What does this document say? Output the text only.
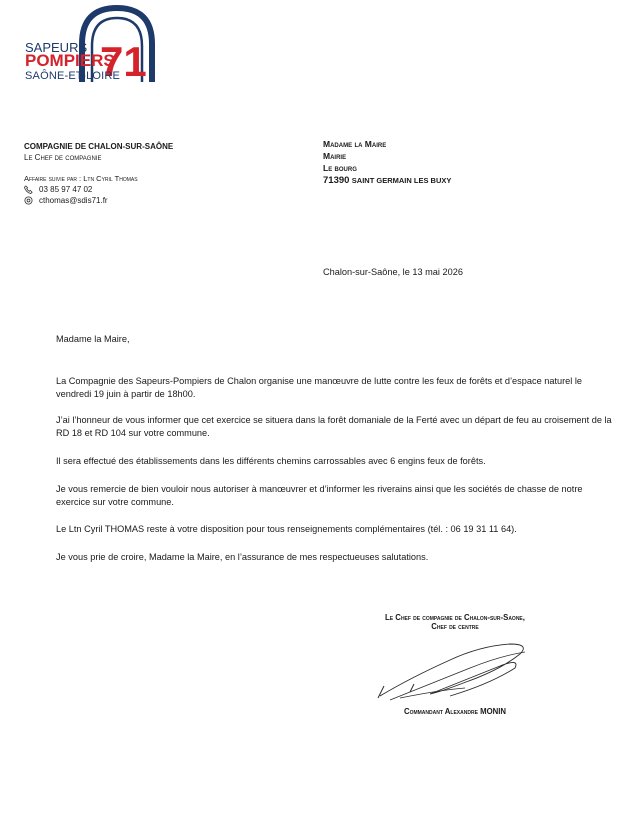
71
SAPEURS
POMPIERS
SAÔNE-ET-LOIRE
COMPAGNIE DE CHALON-SUR-SAÔNE
Le Chef de compagnie
Affaire suivie par : Ltn Cyril Thomas
03 85 97 47 02
cthomas@sdis71.fr
Madame la Maire
Mairie
Le bourg
71390 SAINT GERMAIN LES BUXY
Chalon-sur-Saône, le 13 mai 2026
Madame la Maire,
La Compagnie des Sapeurs-Pompiers de Chalon organise une manœuvre de lutte contre les feux de forêts et d’espace naturel le vendredi 19 juin à partir de 18h00.
J’ai l’honneur de vous informer que cet exercice se situera dans la forêt domaniale de la Ferté avec un départ de feu au croisement de la RD 18 et RD 104 sur votre commune.
Il sera effectué des établissements dans les différents chemins carrossables avec 6 engins feux de forêts.
Je vous remercie de bien vouloir nous autoriser à manœuvrer et d’informer les riverains ainsi que les sociétés de chasse de notre exercice sur votre commune.
Le Ltn Cyril THOMAS reste à votre disposition pour tous renseignements complémentaires (tél. : 06 19 31 11 64).
Je vous prie de croire, Madame la Maire, en l’assurance de mes respectueuses salutations.
Le Chef de compagnie de Chalon-sur-Saone,
Chef de centre
Commandant Alexandre MONIN
